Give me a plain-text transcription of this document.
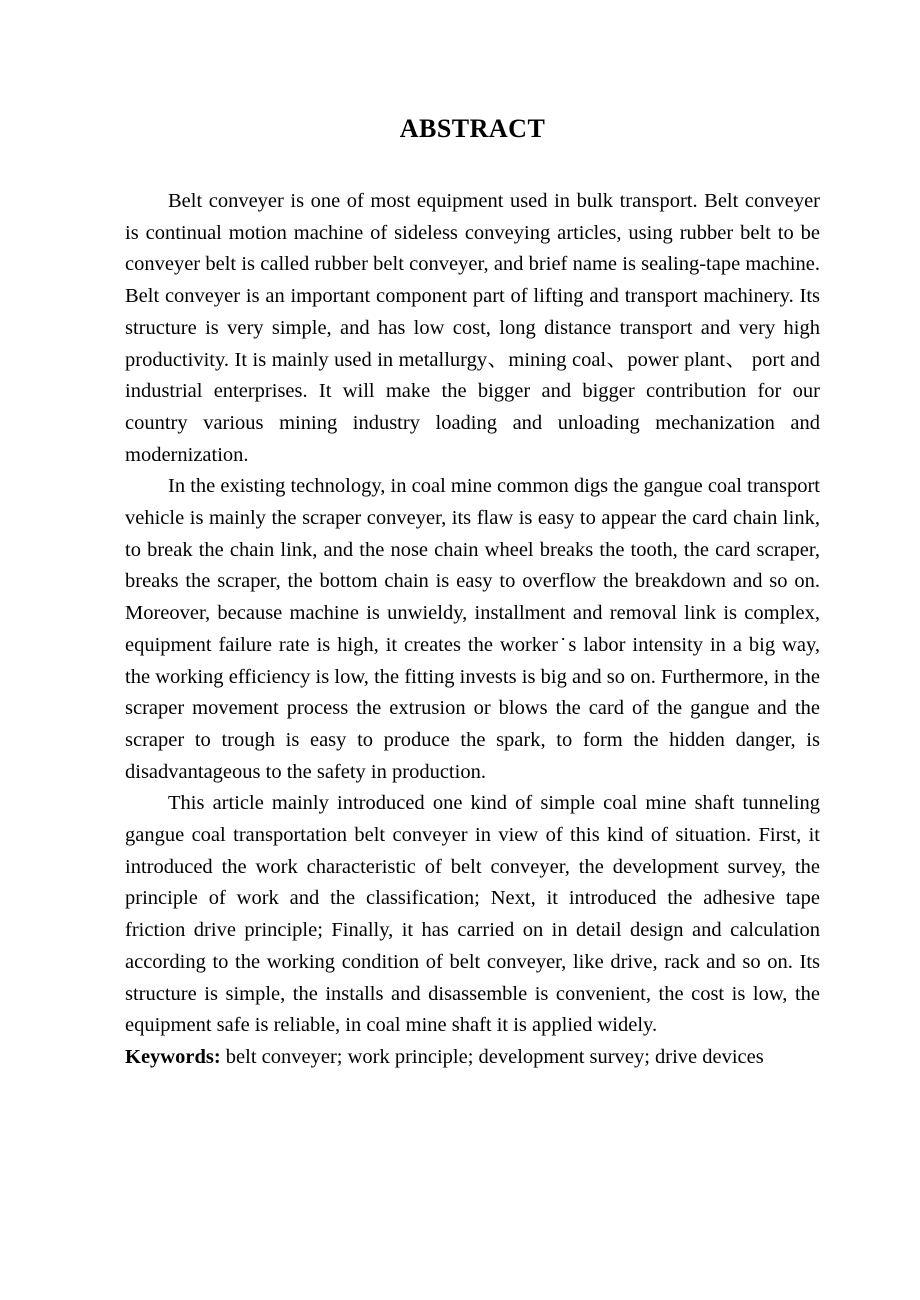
ABSTRACT

Belt conveyer is one of most equipment used in bulk transport. Belt conveyer is continual motion machine of sideless conveying articles, using rubber belt to be conveyer belt is called rubber belt conveyer, and brief name is sealing-tape machine. Belt conveyer is an important component part of lifting and transport machinery. Its structure is very simple, and has low cost, long distance transport and very high productivity. It is mainly used in metallurgy、mining coal、power plant、 port and industrial enterprises. It will make the bigger and bigger contribution for our country various mining industry loading and unloading mechanization and modernization.

In the existing technology, in coal mine common digs the gangue coal transport vehicle is mainly the scraper conveyer, its flaw is easy to appear the card chain link, to break the chain link, and the nose chain wheel breaks the tooth, the card scraper, breaks the scraper, the bottom chain is easy to overflow the breakdown and so on. Moreover, because machine is unwieldy, installment and removal link is complex, equipment failure rate is high, it creates the worker˙s labor intensity in a big way, the working efficiency is low, the fitting invests is big and so on. Furthermore, in the scraper movement process the extrusion or blows the card of the gangue and the scraper to trough is easy to produce the spark, to form the hidden danger, is disadvantageous to the safety in production.

This article mainly introduced one kind of simple coal mine shaft tunneling gangue coal transportation belt conveyer in view of this kind of situation. First, it introduced the work characteristic of belt conveyer, the development survey, the principle of work and the classification; Next, it introduced the adhesive tape friction drive principle; Finally, it has carried on in detail design and calculation according to the working condition of belt conveyer, like drive, rack and so on. Its structure is simple, the installs and disassemble is convenient, the cost is low, the equipment safe is reliable, in coal mine shaft it is applied widely.

Keywords: belt conveyer; work principle; development survey; drive devices
